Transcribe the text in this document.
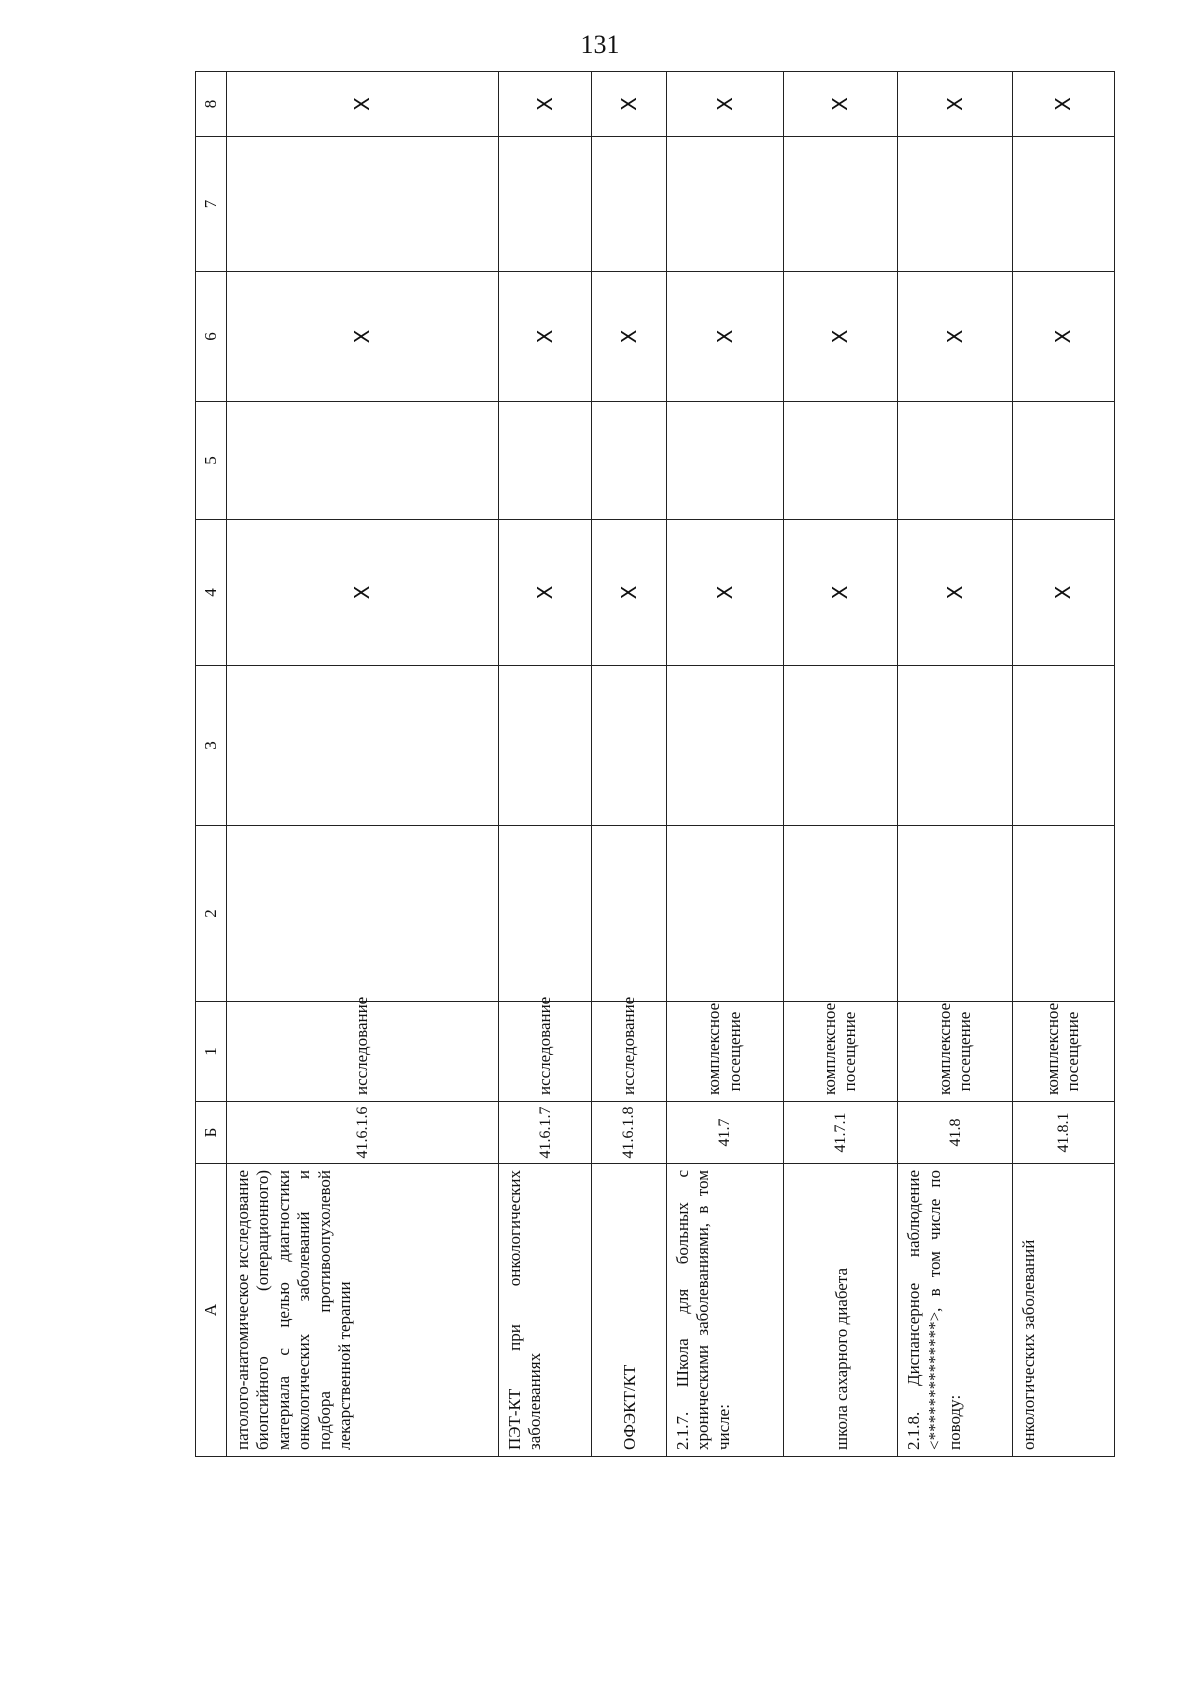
131
А	Б	1	2	3	4	5	6	7	8
патолого-анатомическое исследование биопсийного (операционного) материала с целью диагностики онкологических заболеваний и подбора противоопухолевой лекарственной терапии	41.6.1.6	исследование			X		X		X
ПЭТ-КТ при онкологических заболеваниях	41.6.1.7	исследование			X		X		X
ОФЭКТ/КТ	41.6.1.8	исследование			X		X		X
2.1.7. Школа для больных с хроническими заболеваниями, в том числе:	41.7	комплексное посещение			X		X		X
школа сахарного диабета	41.7.1	комплексное посещение			X		X		X
2.1.8. Диспансерное наблюдение <**************>, в том числе по поводу:	41.8	комплексное посещение			X		X		X
онкологических заболеваний	41.8.1	комплексное посещение			X		X		X
